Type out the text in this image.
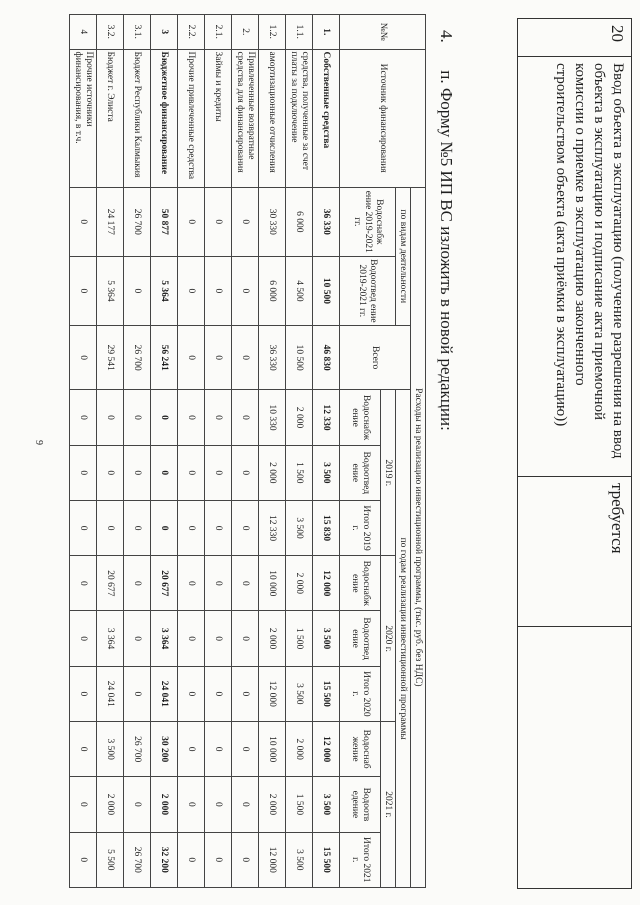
20	Ввод объекта в эксплуатацию (получение разрешения на ввод объекта в эксплуатацию и подписание акта приемочной комиссии о приемке в эксплуатацию законченного строительством объекта (акта приёмки в эксплуатацию))	требуется	
4. п. Форму №5 ИП ВС изложить в новой редакции:
№№	Источник финансирования	Расходы на реализацию инвестиционной программы, (тыс. руб. без НДС)											
		по видам деятельности		Всего	по годам реализации инвестиционной программы								
		Водоснабж ение 2019-2021 гг.	Водоотвед ение 2019-2021 гг.		2019 г.			2020 г.			2021 г.		
					Водоснабж ение	Водоотвед ение	Итого 2019 г.	Водоснабж ение	Водоотвед ение	Итого 2020 г.	Водоснаб жение	Водоотв едение	Итого 2021 г.
1.	Собственные средства	36 330	10 500	46 830	12 330	3 500	15 830	12 000	3 500	15 500	12 000	3 500	15 500
1.1.	средства, полученные за счет платы за подключение	6 000	4 500	10 500	2 000	1 500	3 500	2 000	1 500	3 500	2 000	1 500	3 500
1.2.	амортизационные отчисления	30 330	6 000	36 330	10 330	2 000	12 330	10 000	2 000	12 000	10 000	2 000	12 000
2.	Привлеченные возвратные средства для финансирования	0	0	0	0	0	0	0	0	0	0	0	0
2.1.	Займы и кредиты	0	0	0	0	0	0	0	0	0	0	0	0
2.2.	Прочие привлеченные средства	0	0	0	0	0	0	0	0	0	0	0	0
3	Бюджетное финансирование	50 877	5 364	56 241	0	0	0	20 677	3 364	24 041	30 200	2 000	32 200
3.1.	Бюджет Республики Калмыкия	26 700	0	26 700	0	0	0	0	0	0	26 700	0	26 700
3.2.	Бюджет г. Элиста	24 177	5 364	29 541	0	0	0	20 677	3 364	24 041	3 500	2 000	5 500
4	Прочие источники финансирования, в т.ч.	0	0	0	0	0	0	0	0	0	0	0	0
9
